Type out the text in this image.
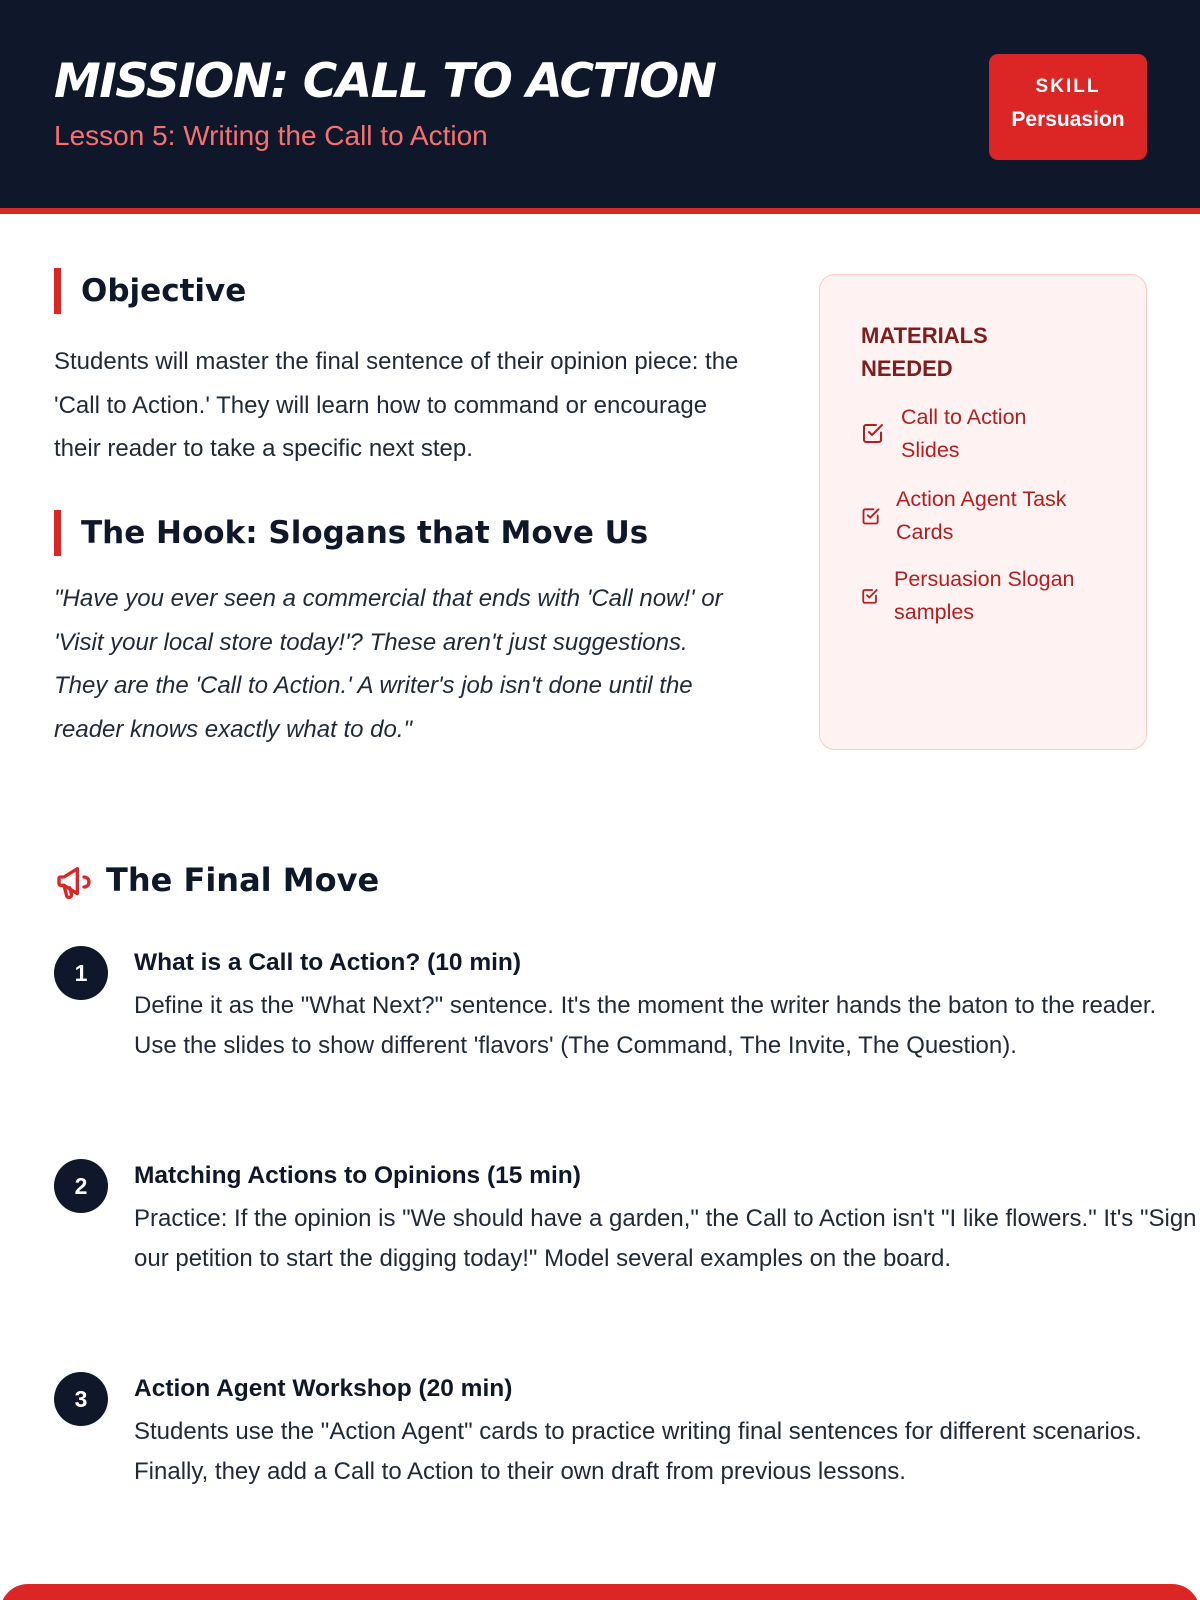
MISSION: CALL TO ACTION
Lesson 5: Writing the Call to Action
SKILL
Persuasion
Objective

Students will master the final sentence of their opinion piece: the 'Call to Action.' They will learn how to command or encourage their reader to take a specific next step.

The Hook: Slogans that Move Us

"Have you ever seen a commercial that ends with 'Call now!' or 'Visit your local store today!'? These aren't just suggestions. They are the 'Call to Action.' A writer's job isn't done until the reader knows exactly what to do."

MATERIALS NEEDED
Call to Action Slides
Action Agent Task Cards
Persuasion Slogan samples
The Final Move
1	What is a Call to Action? (10 min)

Define it as the "What Next?" sentence. It's the moment the writer hands the baton to the reader. Use the slides to show different 'flavors' (The Command, The Invite, The Question).

2	Matching Actions to Opinions (15 min)

Practice: If the opinion is "We should have a garden," the Call to Action isn't "I like flowers." It's "Sign our petition to start the digging today!" Model several examples on the board.

3	Action Agent Workshop (20 min)

Students use the "Action Agent" cards to practice writing final sentences for different scenarios. Finally, they add a Call to Action to their own draft from previous lessons.
